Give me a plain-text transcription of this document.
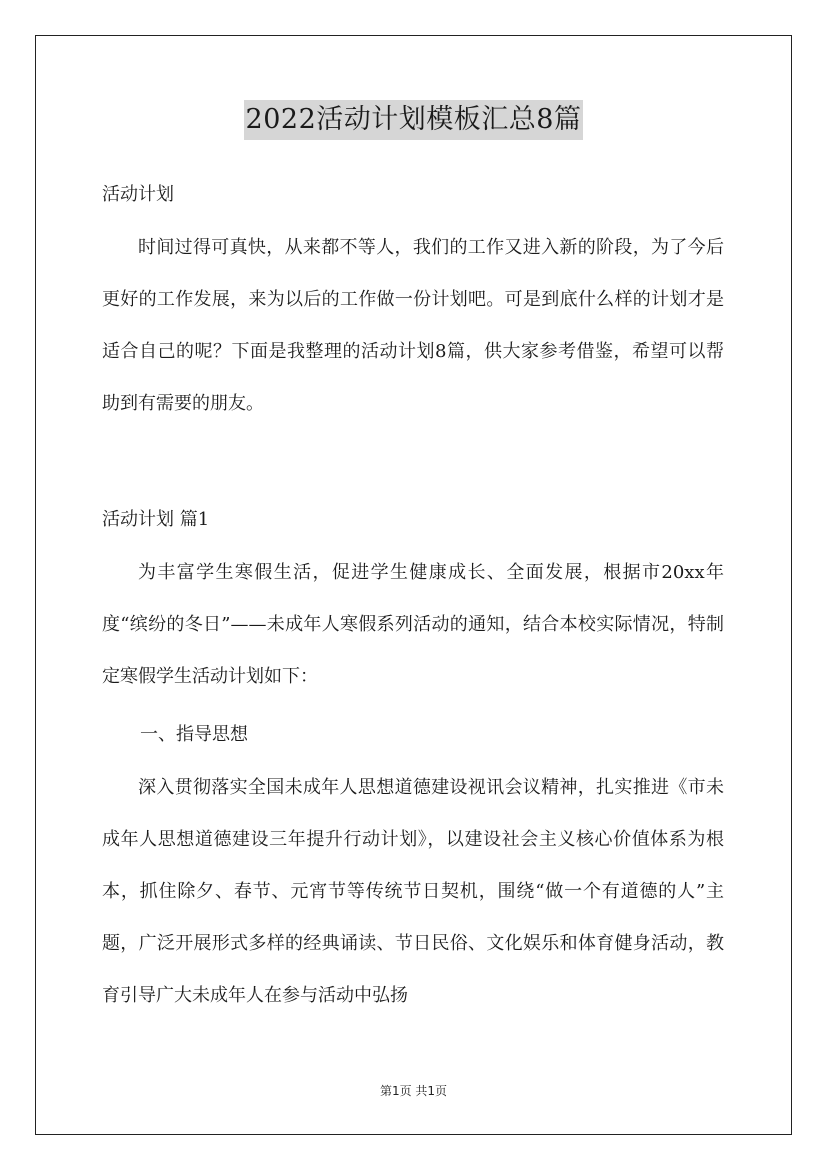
2022活动计划模板汇总8篇
活动计划

时间过得可真快，从来都不等人，我们的工作又进入新的阶段，为了今后更好的工作发展，来为以后的工作做一份计划吧。可是到底什么样的计划才是适合自己的呢？下面是我整理的活动计划8篇，供大家参考借鉴，希望可以帮助到有需要的朋友。

活动计划 篇1

为丰富学生寒假生活，促进学生健康成长、全面发展，根据市20xx年度“缤纷的冬日”——未成年人寒假系列活动的通知，结合本校实际情况，特制定寒假学生活动计划如下：

一、指导思想

深入贯彻落实全国未成年人思想道德建设视讯会议精神，扎实推进《市未成年人思想道德建设三年提升行动计划》，以建设社会主义核心价值体系为根本，抓住除夕、春节、元宵节等传统节日契机，围绕“做一个有道德的人”主题，广泛开展形式多样的经典诵读、节日民俗、文化娱乐和体育健身活动，教育引导广大未成年人在参与活动中弘扬

第1页 共1页
